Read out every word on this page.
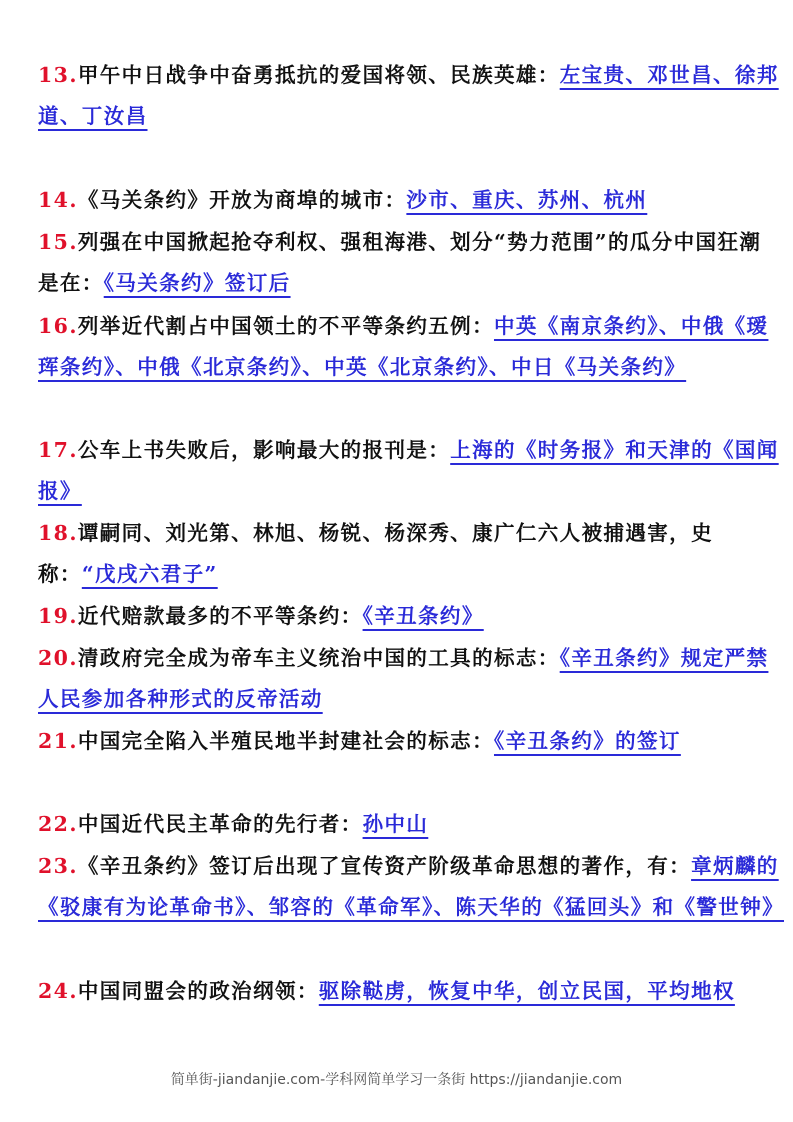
13.甲午中日战争中奋勇抵抗的爱国将领、民族英雄：左宝贵、邓世昌、徐邦道、丁汝昌
14.《马关条约》开放为商埠的城市：沙市、重庆、苏州、杭州
15.列强在中国掀起抢夺利权、强租海港、划分“势力范围”的瓜分中国狂潮是在：《马关条约》签订后
16.列举近代割占中国领土的不平等条约五例：中英《南京条约》、中俄《瑷珲条约》、中俄《北京条约》、中英《北京条约》、中日《马关条约》
17.公车上书失败后，影响最大的报刊是：上海的《时务报》和天津的《国闻报》
18.谭嗣同、刘光第、林旭、杨锐、杨深秀、康广仁六人被捕遇害，史称：“戊戌六君子”
19.近代赔款最多的不平等条约：《辛丑条约》
20.清政府完全成为帝车主义统治中国的工具的标志：《辛丑条约》规定严禁人民参加各种形式的反帝活动
21.中国完全陷入半殖民地半封建社会的标志：《辛丑条约》的签订
22.中国近代民主革命的先行者：孙中山
23.《辛丑条约》签订后出现了宣传资产阶级革命思想的著作，有：章炳麟的《驳康有为论革命书》、邹容的《革命军》、陈天华的《猛回头》和《警世钟》
24.中国同盟会的政治纲领：驱除鞑虏，恢复中华，创立民国，平均地权
简单街-jiandanjie.com-学科网简单学习一条街 https://jiandanjie.com
